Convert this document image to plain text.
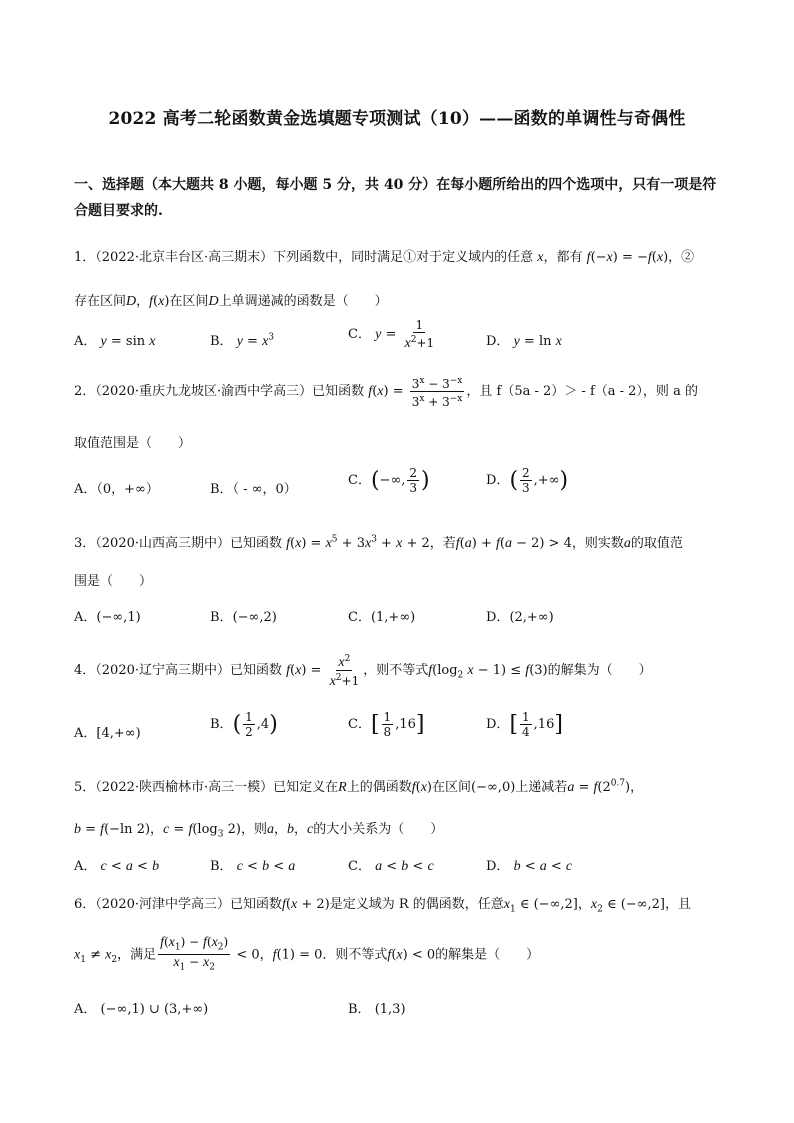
2022 高考二轮函数黄金选填题专项测试（10）——函数的单调性与奇偶性
一、选择题（本大题共 8 小题，每小题 5 分，共 40 分）在每小题所给出的四个选项中，只有一项是符合题目要求的.
1．（2022·北京丰台区·高三期末）下列函数中，同时满足①对于定义域内的任意 x，都有 f(−x) = −f(x)，②
存在区间D，f(x)在区间D上单调递减的函数是（　　）
A． y = sin x	B． $y = x^3$	C． $y = \frac{1}{x^2+1}$	D． y = ln x
2．（2020·重庆九龙坡区·渝西中学高三）已知函数 $f(x) = \frac{3^x - 3^{-x}}{3^x + 3^{-x}}$ ，且 f（5a - 2）＞ - f（a - 2），则 a 的
取值范围是（　　）
A．（0，+∞）	B．（ - ∞，0）
C．(−∞, $\frac{2}{3}$ )	D．( $\frac{2}{3}$ ,+∞)
3．（2020·山西高三期中）已知函数 $f(x) = x^5 + 3x^3 + x + 2$，若f(a) + f(a − 2) > 4，则实数a的取值范
围是（　　）
A．(−∞,1)	B．(−∞,2)	C．(1,+∞)	D．(2,+∞)
4．（2020·辽宁高三期中）已知函数 $f(x) = \frac{x^2}{x^2+1}$ ，则不等式$f(\log_2$ x − 1) ≤ f(3)的解集为（　　）
A．[4,+∞)
B．( $\frac{1}{2} ,4$)	C．[ $\frac{1}{8} ,16$]	D．[ $\frac{1}{4} ,16$]
5．（2022·陕西榆林市·高三一模）已知定义在R上的偶函数f(x)在区间(−∞,0)上递减若$a = f(2^{0.7})$，
b = f(−ln 2)，$c = f(\log_3$ 2)，则a，b，c的大小关系为（　　）
A． c < a < b	B． c < b < a	C． a < b < c	D． b < a < c
6．（2020·河津中学高三）已知函数f(x + 2)是定义域为 R 的偶函数，任意$x_1$ ∈ (−∞,2]，$x_2$ ∈ (−∞,2]，且
$x_1 \ne x_2$，满足 $\frac{f(x_1) - f(x_2)}{x_1 - x_2} < 0$，f(1) = 0．则不等式f(x) < 0的解集是（　　）
A． (−∞,1) ∪ (3,+∞)	B． (1,3)
